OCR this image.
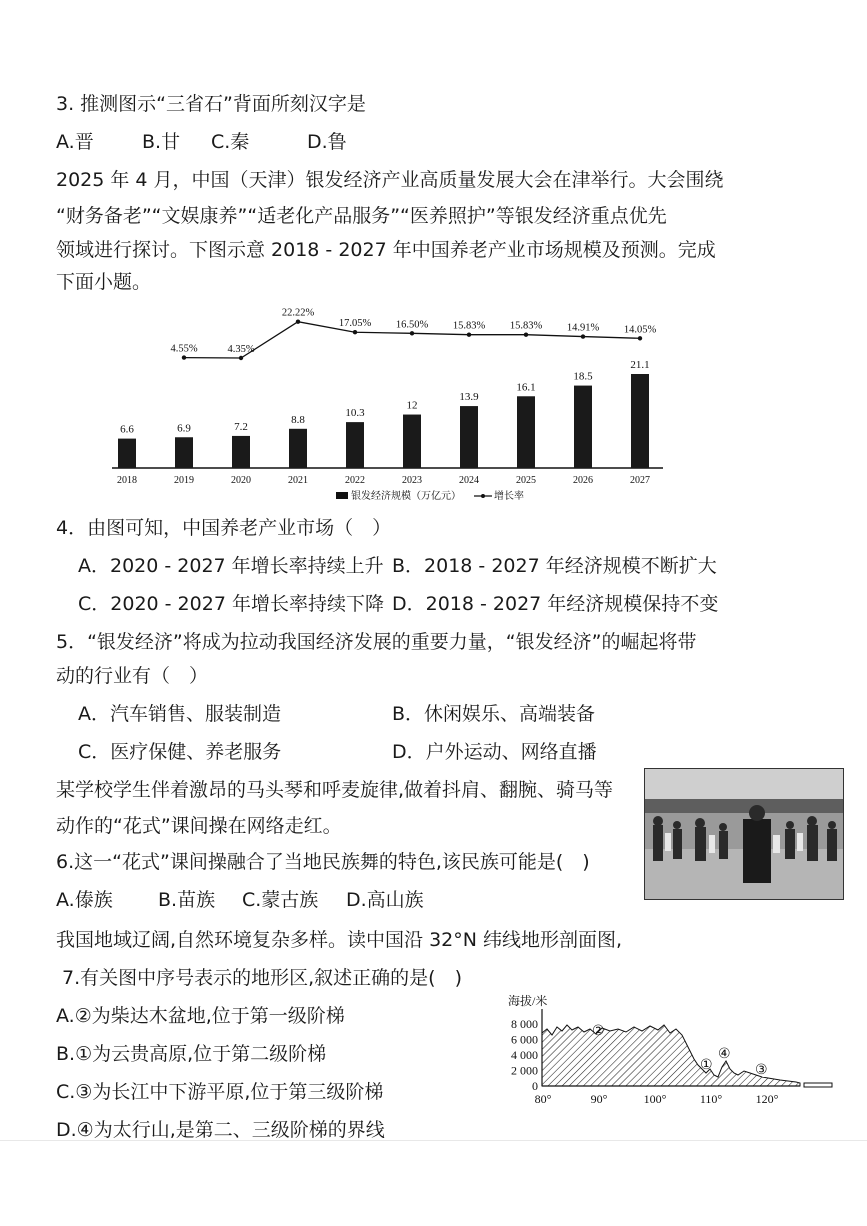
3. 推测图示“三省石”背面所刻汉字是
A.晋	B.甘 C.秦	D.鲁
2025 年 4 月，中国（天津）银发经济产业高质量发展大会在津举行。大会围绕
“财务备老”“文娱康养”“适老化产品服务”“医养照护”等银发经济重点优先
领域进行探讨。下图示意 2018 - 2027 年中国养老产业市场规模及预测。完成
下面小题。
6.6
2018
6.9
2019
7.2
2020
8.8
2021
10.3
2022
12
2023
13.9
2024
16.1
2025
18.5
2026
21.1
2027
4.55%	4.35%
22.22%
17.05% 16.50% 15.83% 15.83% 14.91% 14.05%
银发经济规模（万亿元）	增长率
4．由图可知，中国养老产业市场（　）
A．2020 - 2027 年增长率持续上升 B．2018 - 2027 年经济规模不断扩大
C．2020 - 2027 年增长率持续下降 D．2018 - 2027 年经济规模保持不变
5．“银发经济”将成为拉动我国经济发展的重要力量，“银发经济”的崛起将带
动的行业有（　）
A．汽车销售、服装制造	B．休闲娱乐、高端装备
C．医疗保健、养老服务	D．户外运动、网络直播
某学校学生伴着激昂的马头琴和呼麦旋律,做着抖肩、翻腕、骑马等
动作的“花式”课间操在网络走红。
6.这一“花式”课间操融合了当地民族舞的特色,该民族可能是(　)
A.傣族 B.苗族 C.蒙古族 D.高山族
我国地域辽阔,自然环境复杂多样。读中国沿 32°N 纬线地形剖面图,
7.有关图中序号表示的地形区,叙述正确的是(　)
A.②为柴达木盆地,位于第一级阶梯
B.①为云贵高原,位于第二级阶梯
C.③为长江中下游平原,位于第三级阶梯
D.④为太行山,是第二、三级阶梯的界线
海拔/米
0
2 000
4 000
6 000
8 000
80°	90°	100°	110°	120°
②
①
④
③
